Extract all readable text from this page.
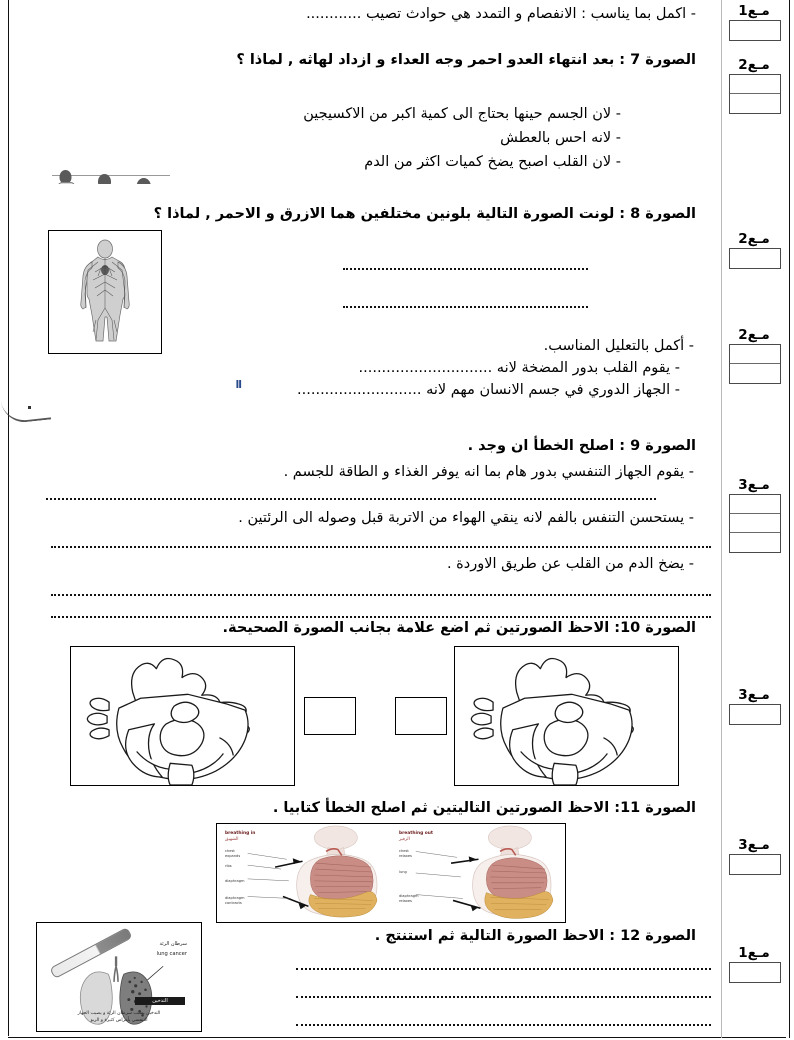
مـع1
مـع2
مـع2
مـع2
مـع3
مـع3
مـع3
مـع1
- اكمل بما يناسب : الانفصام و التمدد هي حوادث تصيب ............
الصورة 7 : بعد انتهاء العدو احمر وجه العداء و ازداد لهاثه , لماذا ؟
- لان الجسم حينها بحتاج الى كمية اكبر من الاكسيجين
- لانه احس بالعطش
- لان القلب اصبح يضخ كميات اكثر من الدم
الصورة 8 : لونت الصورة التالية بلونين مختلفين هما الازرق و الاحمر , لماذا ؟
- أكمل بالتعليل المناسب.
- يقوم القلب بدور المضخة لانه .............................
- الجهاز الدوري في جسم الانسان مهم لانه ...........................
ll
الصورة 9 : اصلح الخطأ ان وجد .
- يقوم الجهاز التنفسي بدور هام بما انه يوفر الغذاء و الطاقة للجسم .
- يستحسن التنفس بالفم لانه ينقي الهواء من الاتربة قبل وصوله الى الرئتين .
- يضخ الدم من القلب عن طريق الاوردة .
الصورة 10: الاحظ الصورتين ثم اضع علامة بجانب الصورة الصحيحة.
الصورة 11: الاحظ الصورتين التاليتين ثم اصلح الخطأ كتابيا .
breathing in
الشهيق
chest
expands
ribs
diaphragm
diaphragm
contracts
breathing out
الزفير
chest
relaxes
lung
diaphragm
relaxes
الصورة 12 : الاحظ الصورة التالية ثم استنتج .
سرطان الرئة
lung cancer
التدخين
التدخين يسبب سرطان الرئة و يصيب الجهاز
التنفسي بأمراض كثيرة و الربو
